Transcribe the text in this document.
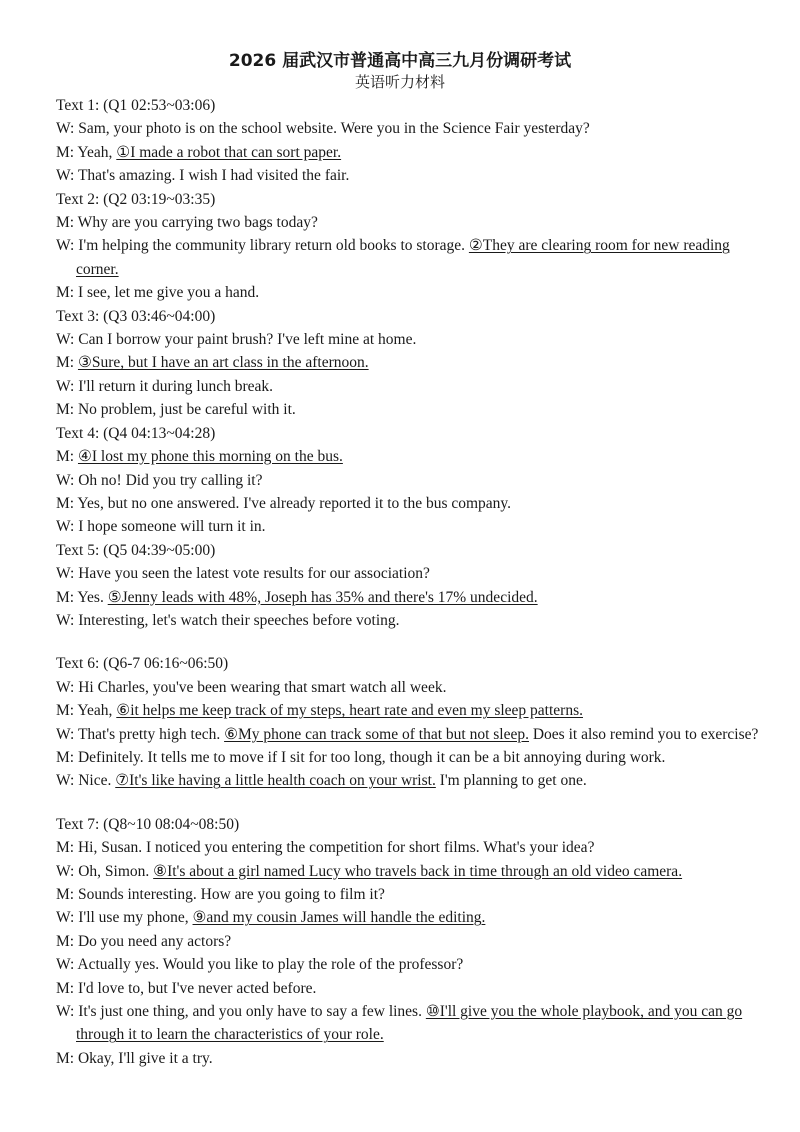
2026 届武汉市普通高中高三九月份调研考试
英语听力材料
Text 1: (Q1 02:53~03:06)
W: Sam, your photo is on the school website. Were you in the Science Fair yesterday?
M: Yeah, ①I made a robot that can sort paper.
W: That's amazing. I wish I had visited the fair.
Text 2: (Q2 03:19~03:35)
M: Why are you carrying two bags today?
W: I'm helping the community library return old books to storage. ②They are clearing room for new reading corner.
M: I see, let me give you a hand.
Text 3: (Q3 03:46~04:00)
W: Can I borrow your paint brush? I've left mine at home.
M: ③Sure, but I have an art class in the afternoon.
W: I'll return it during lunch break.
M: No problem, just be careful with it.
Text 4: (Q4 04:13~04:28)
M: ④I lost my phone this morning on the bus.
W: Oh no! Did you try calling it?
M: Yes, but no one answered. I've already reported it to the bus company.
W: I hope someone will turn it in.
Text 5: (Q5 04:39~05:00)
W: Have you seen the latest vote results for our association?
M: Yes. ⑤Jenny leads with 48%, Joseph has 35% and there's 17% undecided.
W: Interesting, let's watch their speeches before voting.
Text 6: (Q6-7 06:16~06:50)
W: Hi Charles, you've been wearing that smart watch all week.
M: Yeah, ⑥it helps me keep track of my steps, heart rate and even my sleep patterns.
W: That's pretty high tech. ⑥My phone can track some of that but not sleep. Does it also remind you to exercise?
M: Definitely. It tells me to move if I sit for too long, though it can be a bit annoying during work.
W: Nice. ⑦It's like having a little health coach on your wrist. I'm planning to get one.
Text 7: (Q8~10 08:04~08:50)
M: Hi, Susan. I noticed you entering the competition for short films. What's your idea?
W: Oh, Simon. ⑧It's about a girl named Lucy who travels back in time through an old video camera.
M: Sounds interesting. How are you going to film it?
W: I'll use my phone, ⑨and my cousin James will handle the editing.
M: Do you need any actors?
W: Actually yes. Would you like to play the role of the professor?
M: I'd love to, but I've never acted before.
W: It's just one thing, and you only have to say a few lines. ⑩I'll give you the whole playbook, and you can go through it to learn the characteristics of your role.
M: Okay, I'll give it a try.
